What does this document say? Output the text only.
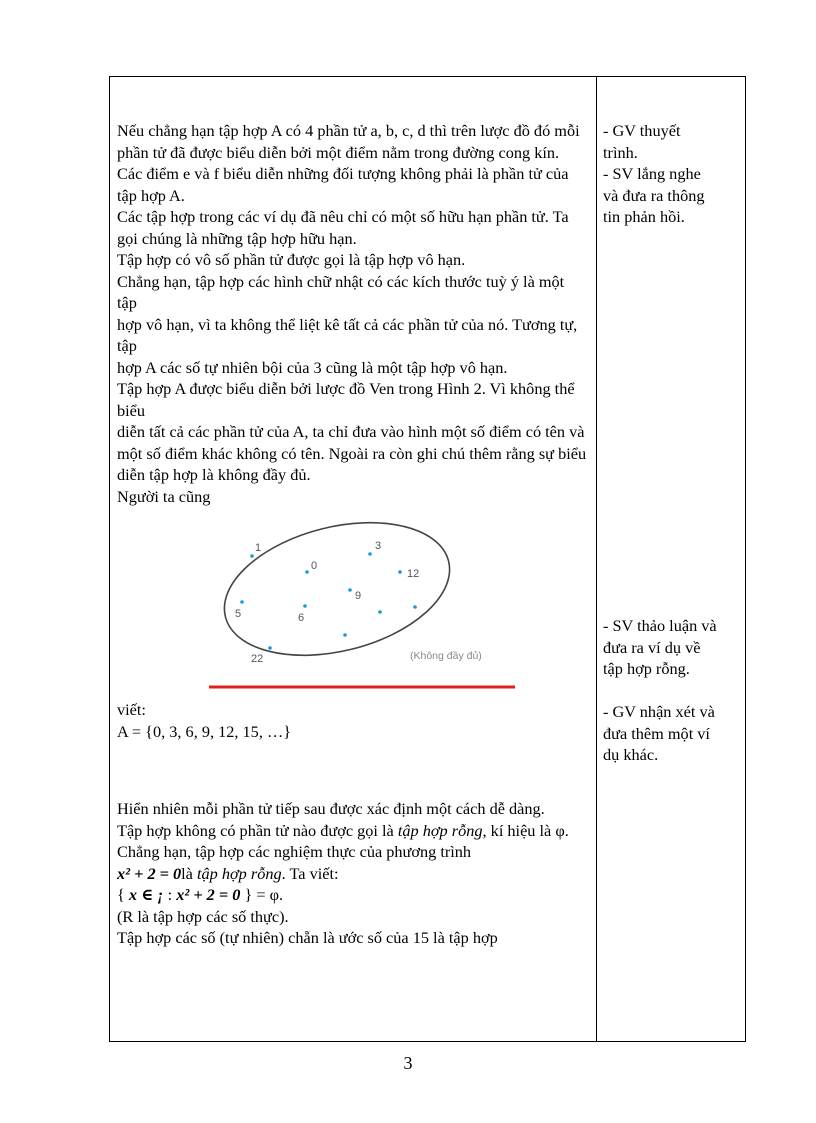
Nếu chẳng hạn tập hợp A có 4 phần tử a, b, c, d thì trên lược đồ đó mỗi phần tử đã được biểu diễn bởi một điểm nằm trong đường cong kín.

Các điểm e và f biểu diễn những đối tượng không phải là phần tử của tập hợp A.

Các tập hợp trong các ví dụ đã nêu chỉ có một số hữu hạn phần tử. Ta gọi chúng là những tập hợp hữu hạn.

Tập hợp có vô số phần tử được gọi là tập hợp vô hạn.

Chẳng hạn, tập hợp các hình chữ nhật có các kích thước tuỳ ý là một tập

hợp vô hạn, vì ta không thể liệt kê tất cả các phần tử của nó. Tương tự, tập

hợp A các số tự nhiên bội của 3 cũng là một tập hợp vô hạn.

Tập hợp A được biểu diễn bởi lược đồ Ven trong Hình 2. Vì không thể biểu

diễn tất cả các phần tử của A, ta chỉ đưa vào hình một số điểm có tên và

một số điểm khác không có tên. Ngoài ra còn ghi chú thêm rằng sự biểu

diễn tập hợp là không đầy đủ.

Người ta cũng

1
0
3
12
9
5	6
22	(Không đầy đủ)

viết:

A = {0, 3, 6, 9, 12, 15, …}

Hiển nhiên mỗi phần tử tiếp sau được xác định một cách dễ dàng.

Tập hợp không có phần tử nào được gọi là tập hợp rỗng, kí hiệu là φ.

Chẳng hạn, tập hợp các nghiệm thực của phương trình

x² + 2 = 0là tập hợp rỗng. Ta viết:

{ x ∈ ¡ : x² + 2 = 0 } = φ.

(R là tập hợp các số thực).

Tập hợp các số (tự nhiên) chẵn là ước số của 15 là tập hợp

- GV thuyết

trình.

- SV lắng nghe

và đưa ra thông

tin phản hồi.

- SV thảo luận và

đưa ra ví dụ về

tập hợp rỗng.

- GV nhận xét và

đưa thêm một ví

dụ khác.

3
